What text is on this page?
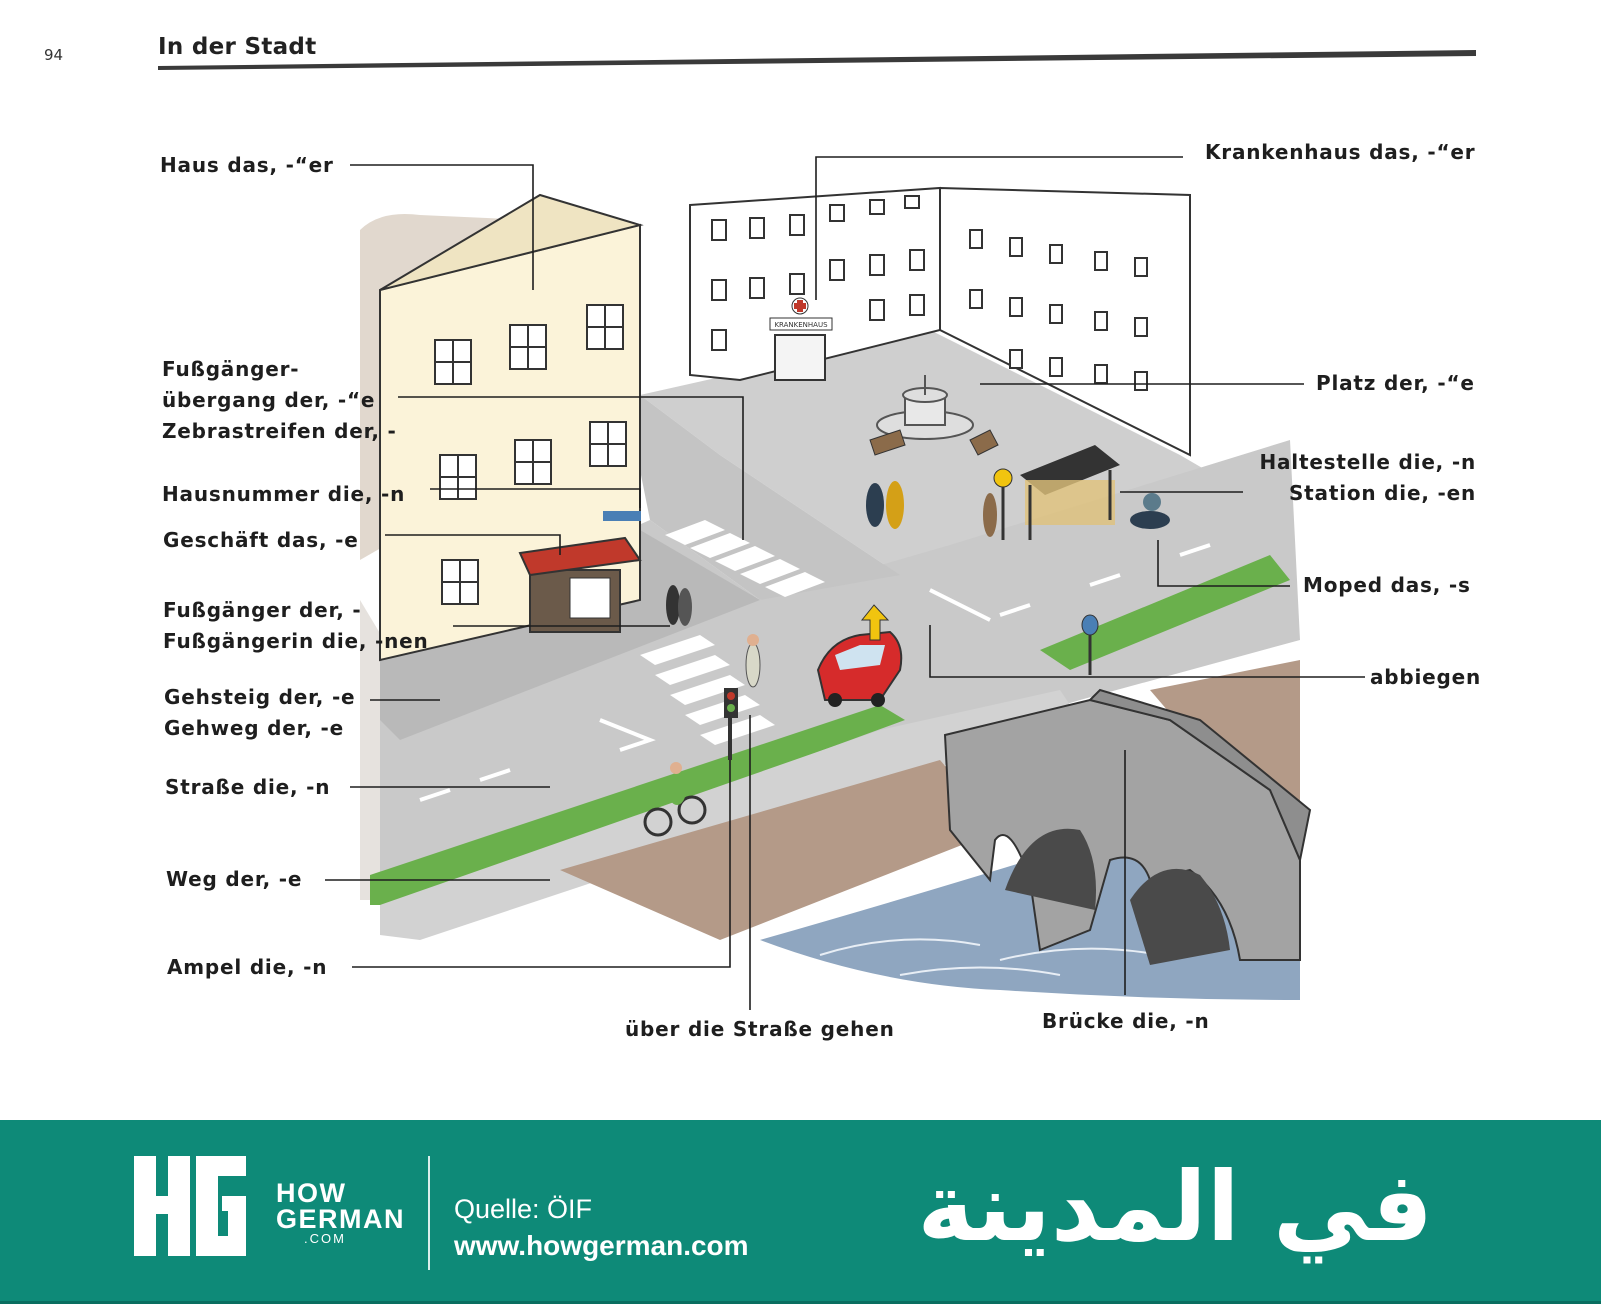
94	In der Stadt
KRANKENHAUS
Haus das, -“er
Krankenhaus das, -“er
Fußgänger-
übergang der, -“e
Zebrastreifen der, -
Platz der, -“e
Haltestelle die, -n
Station die, -en
Hausnummer die, -n
Geschäft das, -e
Moped das, -s
Fußgänger der, -
Fußgängerin die, -nen
abbiegen
Gehsteig der, -e
Gehweg der, -e
Straße die, -n
Weg der, -e
Ampel die, -n
über die Straße gehen	Brücke die, -n
HG
HOW
GERMAN
.COM
Quelle: ÖIF
www.howgerman.com في المدينة
